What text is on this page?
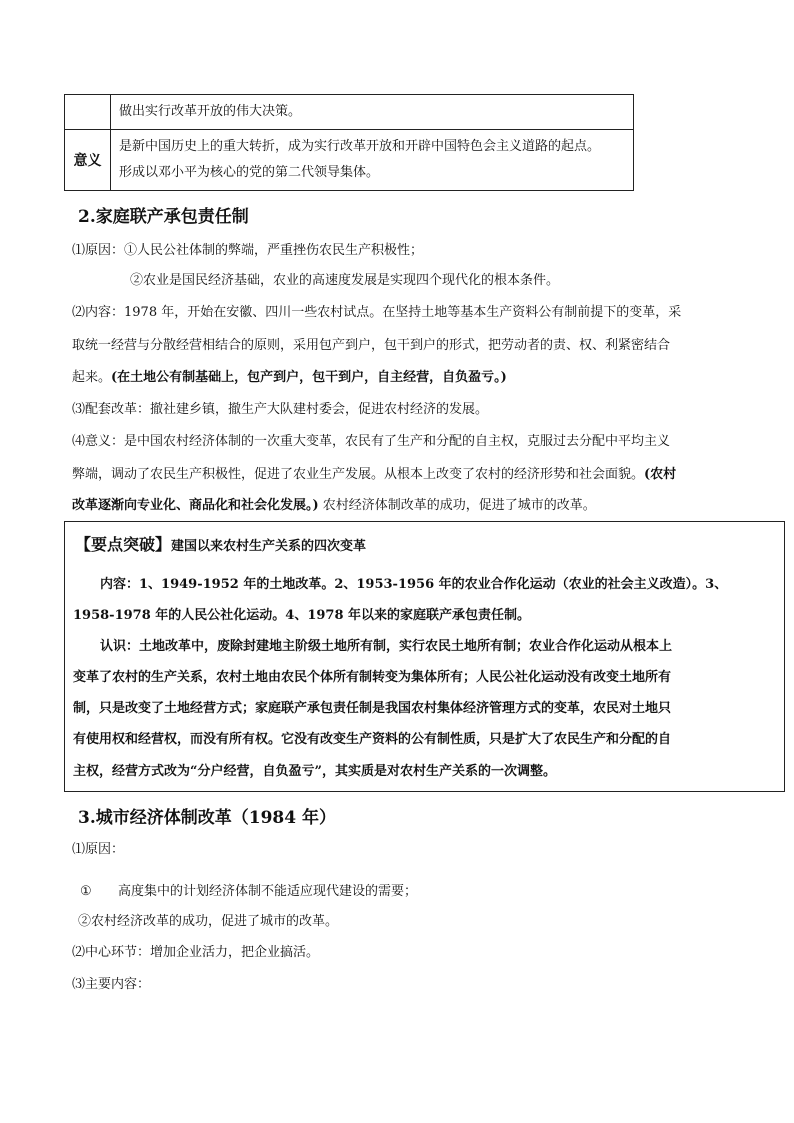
做出实行改革开放的伟大决策。

意义

是新中国历史上的重大转折，成为实行改革开放和开辟中国特色会主义道路的起点。

形成以邓小平为核心的党的第二代领导集体。

2.家庭联产承包责任制
⑴原因：①人民公社体制的弊端，严重挫伤农民生产积极性；
②农业是国民经济基础，农业的高速度发展是实现四个现代化的根本条件。
⑵内容：1978 年，开始在安徽、四川一些农村试点。在坚持土地等基本生产资料公有制前提下的变革，采
取统一经营与分散经营相结合的原则，采用包产到户，包干到户的形式，把劳动者的责、权、利紧密结合
起来。(在土地公有制基础上，包产到户，包干到户，自主经营，自负盈亏。)
⑶配套改革：撤社建乡镇，撤生产大队建村委会，促进农村经济的发展。
⑷意义：是中国农村经济体制的一次重大变革，农民有了生产和分配的自主权，克服过去分配中平均主义
弊端，调动了农民生产积极性，促进了农业生产发展。从根本上改变了农村的经济形势和社会面貌。(农村
改革逐渐向专业化、商品化和社会化发展。) 农村经济体制改革的成功，促进了城市的改革。
【要点突破】建国以来农村生产关系的四次变革
内容：1、1949-1952 年的土地改革。2、1953-1956 年的农业合作化运动（农业的社会主义改造）。3、
1958-1978 年的人民公社化运动。4、1978 年以来的家庭联产承包责任制。
认识：土地改革中，废除封建地主阶级土地所有制，实行农民土地所有制；农业合作化运动从根本上
变革了农村的生产关系，农村土地由农民个体所有制转变为集体所有；人民公社化运动没有改变土地所有
制，只是改变了土地经营方式；家庭联产承包责任制是我国农村集体经济管理方式的变革，农民对土地只
有使用权和经营权，而没有所有权。它没有改变生产资料的公有制性质，只是扩大了农民生产和分配的自
主权，经营方式改为“分户经营，自负盈亏”，其实质是对农村生产关系的一次调整。
3.城市经济体制改革（1984 年）
⑴原因：
① 高度集中的计划经济体制不能适应现代建设的需要；
②农村经济改革的成功，促进了城市的改革。
⑵中心环节：增加企业活力，把企业搞活。
⑶主要内容：
